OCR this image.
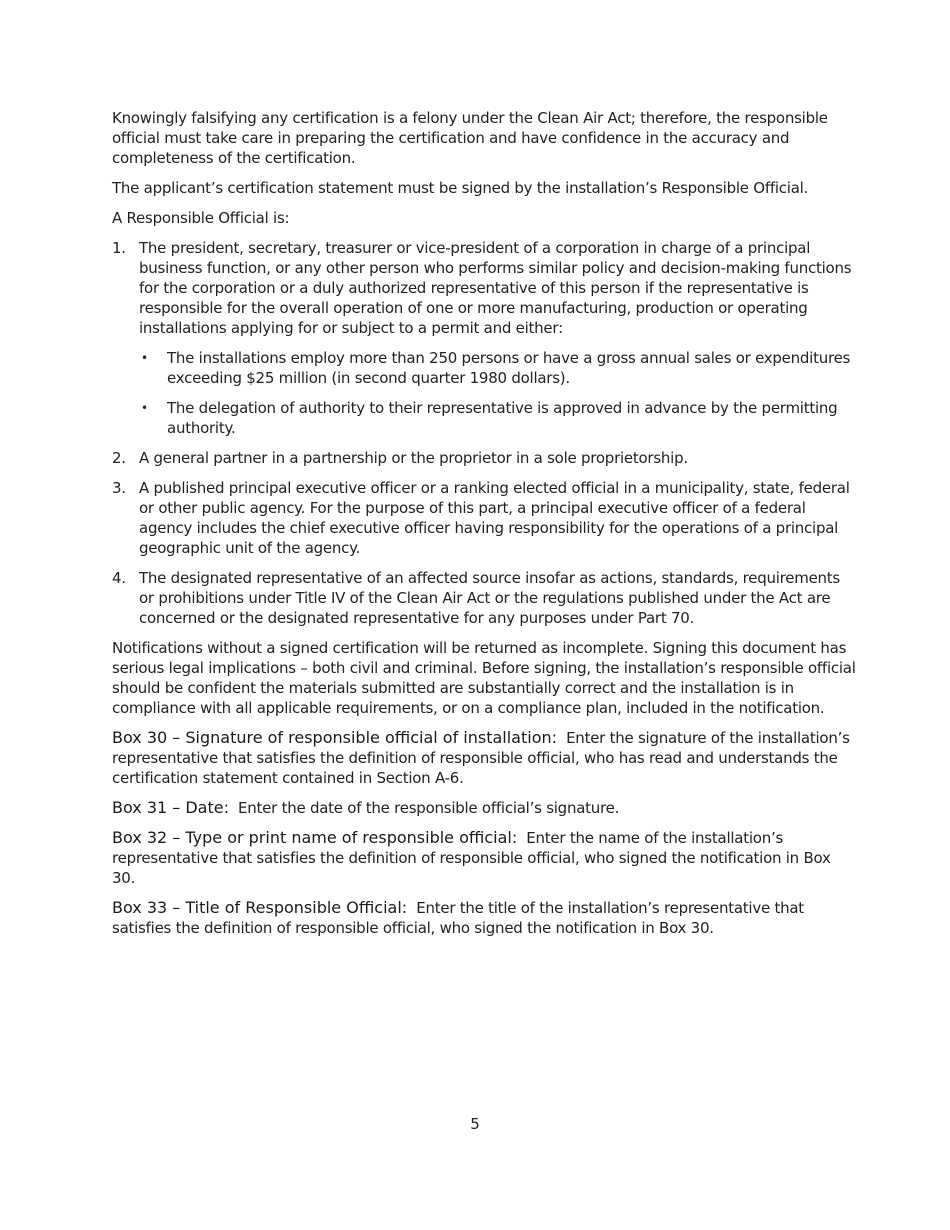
Knowingly falsifying any certification is a felony under the Clean Air Act; therefore, the responsible official must take care in preparing the certification and have confidence in the accuracy and completeness of the certification.

The applicant’s certification statement must be signed by the installation’s Responsible Official.

A Responsible Official is:

1. The president, secretary, treasurer or vice-president of a corporation in charge of a principal business function, or any other person who performs similar policy and decision-making functions for the corporation or a duly authorized representative of this person if the representative is responsible for the overall operation of one or more manufacturing, production or operating installations applying for or subject to a permit and either:
• The installations employ more than 250 persons or have a gross annual sales or expenditures exceeding $25 million (in second quarter 1980 dollars).
• The delegation of authority to their representative is approved in advance by the permitting authority.
2. A general partner in a partnership or the proprietor in a sole proprietorship.
3. A published principal executive officer or a ranking elected official in a municipality, state, federal or other public agency. For the purpose of this part, a principal executive officer of a federal agency includes the chief executive officer having responsibility for the operations of a principal geographic unit of the agency.
4. The designated representative of an affected source insofar as actions, standards, requirements or prohibitions under Title IV of the Clean Air Act or the regulations published under the Act are concerned or the designated representative for any purposes under Part 70.

Notifications without a signed certification will be returned as incomplete. Signing this document has serious legal implications – both civil and criminal. Before signing, the installation’s responsible official should be confident the materials submitted are substantially correct and the installation is in compliance with all applicable requirements, or on a compliance plan, included in the notification.

Box 30 – Signature of responsible official of installation: Enter the signature of the installation’s representative that satisfies the definition of responsible official, who has read and understands the certification statement contained in Section A-6.

Box 31 – Date: Enter the date of the responsible official’s signature.

Box 32 – Type or print name of responsible official: Enter the name of the installation’s representative that satisfies the definition of responsible official, who signed the notification in Box 30.

Box 33 – Title of Responsible Official: Enter the title of the installation’s representative that satisfies the definition of responsible official, who signed the notification in Box 30.

5
